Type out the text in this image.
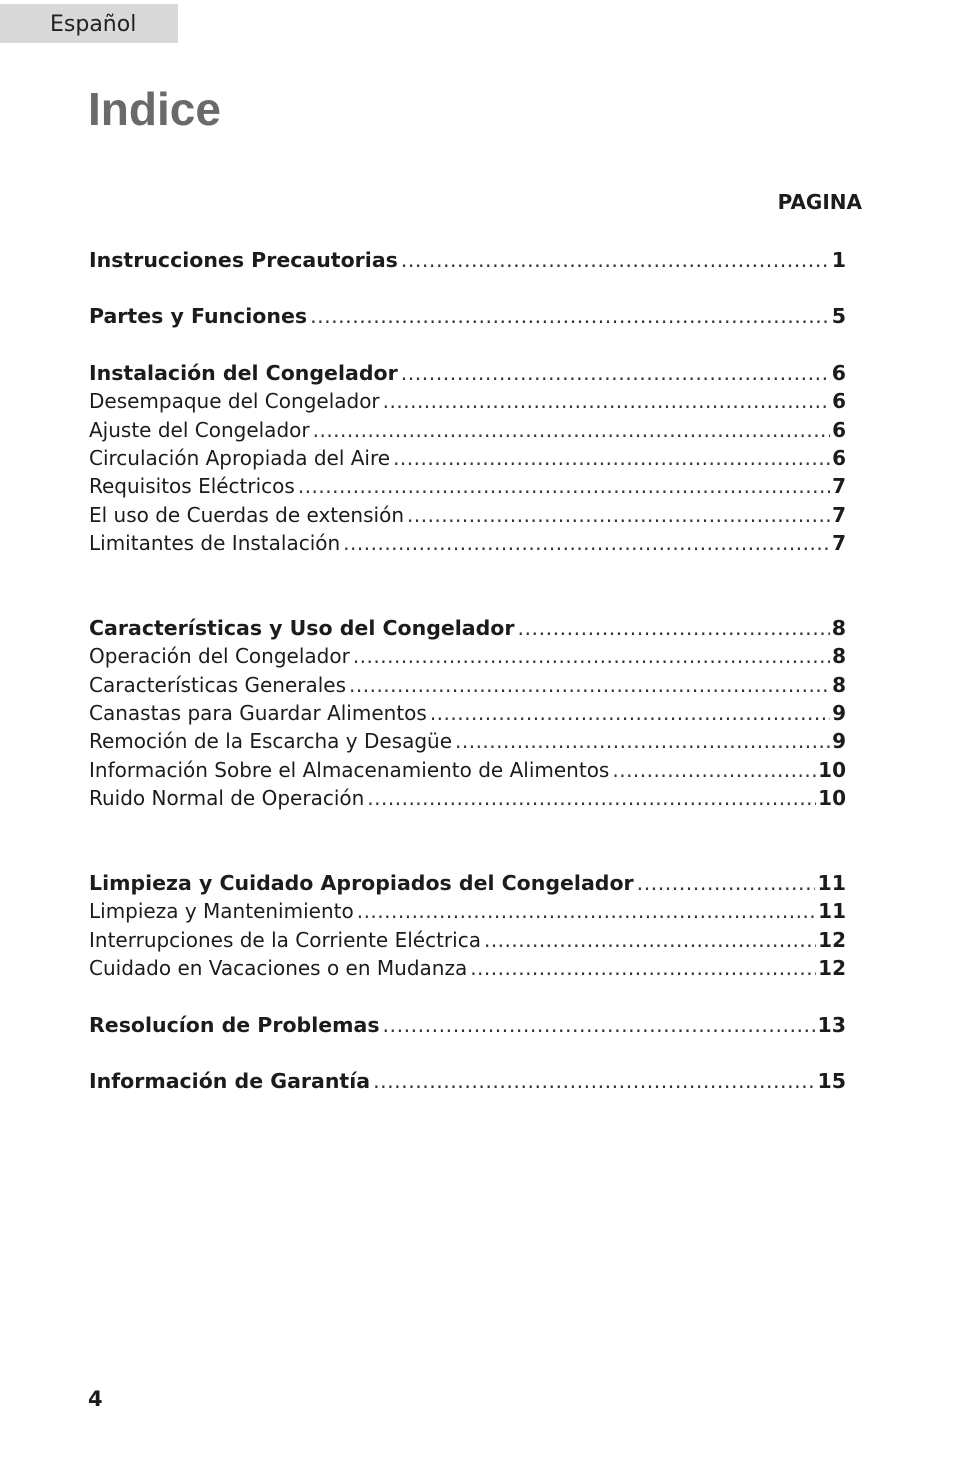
Español
Indice
PAGINA
Instrucciones Precautorias .....	1
Partes y Funciones .....	5
Instalación del Congelador .....	6
Desempaque del Congelador .....	6
Ajuste del Congelador .....	6
Circulación Apropiada del Aire .....	6
Requisitos Eléctricos .....	7
El uso de Cuerdas de extensión .....	7
Limitantes de Instalación .....	7
Características y Uso del Congelador .....	8
Operación del Congelador .....	8
Características Generales .....	8
Canastas para Guardar Alimentos .....	9
Remoción de la Escarcha y Desagüe .....	9
Información Sobre el Almacenamiento de Alimentos .....	10
Ruido Normal de Operación .....	10
Limpieza y Cuidado Apropiados del Congelador .....	11
Limpieza y Mantenimiento .....	11
Interrupciones de la Corriente Eléctrica .....	12
Cuidado en Vacaciones o en Mudanza .....	12
Resolucíon de Problemas .....	13
Información de Garantía .....	15
4
